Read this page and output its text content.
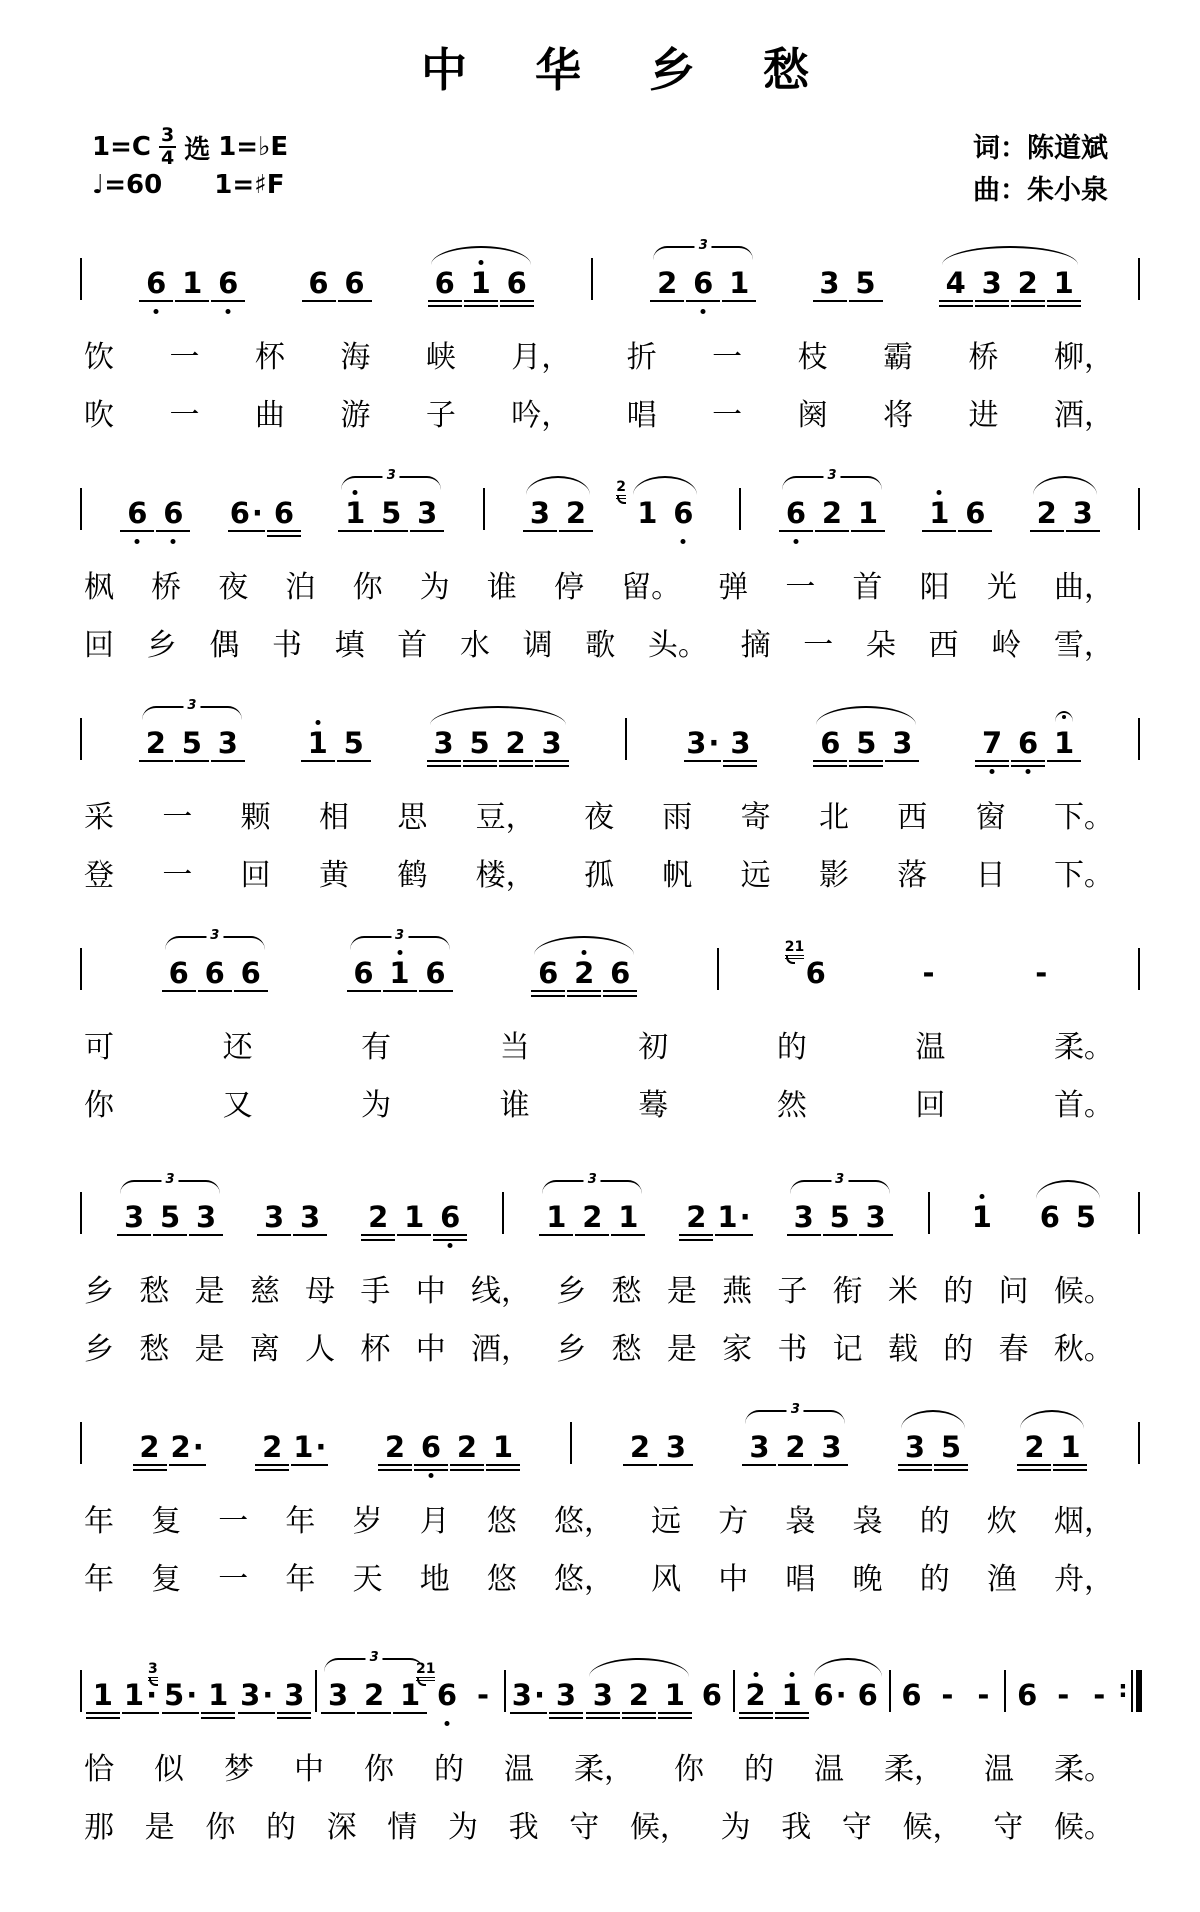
中 华 乡 愁
$1=C \frac{3}{4}$ 选 1=♭E
♩=60 1=♯F
词：陈道斌
曲：朱小泉
6 1 6 6 6 6 1 6
3	2 6 1 3 5 4 3 2 1
饮 一 杯 海 峡 月， 折 一 枝 霸 桥 柳，
吹 一 曲 游 子 吟， 唱 一 阕 将 进 酒，
6 6 6· 6
3 1 5 3	3 2
2
1 6
3	6 2 1 1 6 2 3
枫 桥 夜 泊 你 为 谁 停 留。 弹 一 首 阳 光 曲，
回 乡 偶 书 填 首 水 调 歌 头。 摘 一 朵 西 岭 雪，
3
2 5 3 1 5 3 5 2 3	3· 3 6 5 3 7 6 1
采 一 颗 相 思 豆， 夜 雨 寄 北 西 窗 下。
登 一 回 黄 鹤 楼， 孤 帆 远 影 落 日 下。
3
6 6 6
3	6 1 6	6 2 6
21
6	-	-
可	还	有	当	初	的	温	柔。
你	又	为	谁	蓦	然	回	首。
3
3 5 3 3 3 2 1 6
3	1 2 1 2 1·
3 3 5 3	1 6 5
乡 愁 是 慈 母 手 中 线， 乡 愁 是 燕 子 衔 米 的 问 候。
乡 愁 是 离 人 杯 中 酒， 乡 愁 是 家 书 记 载 的 春 秋。
2 2· 2 1· 2 6 2 1	2 3
3 3 2 3 3 5 2 1
年 复 一 年 岁 月 悠 悠， 远 方 袅 袅 的 炊 烟，
年 复 一 年 天 地 悠 悠， 风 中 唱 晚 的 渔 舟，
1 1·
3
5· 1 3· 3
3 3 2 1
21
6 - 3· 3 3 2 1 6 2 1 6· 6 6 - - 6 - - :
恰 似 梦 中 你 的 温 柔， 你 的 温 柔， 温 柔。
那 是 你 的 深 情 为 我 守 候， 为 我 守 候， 守 候。
